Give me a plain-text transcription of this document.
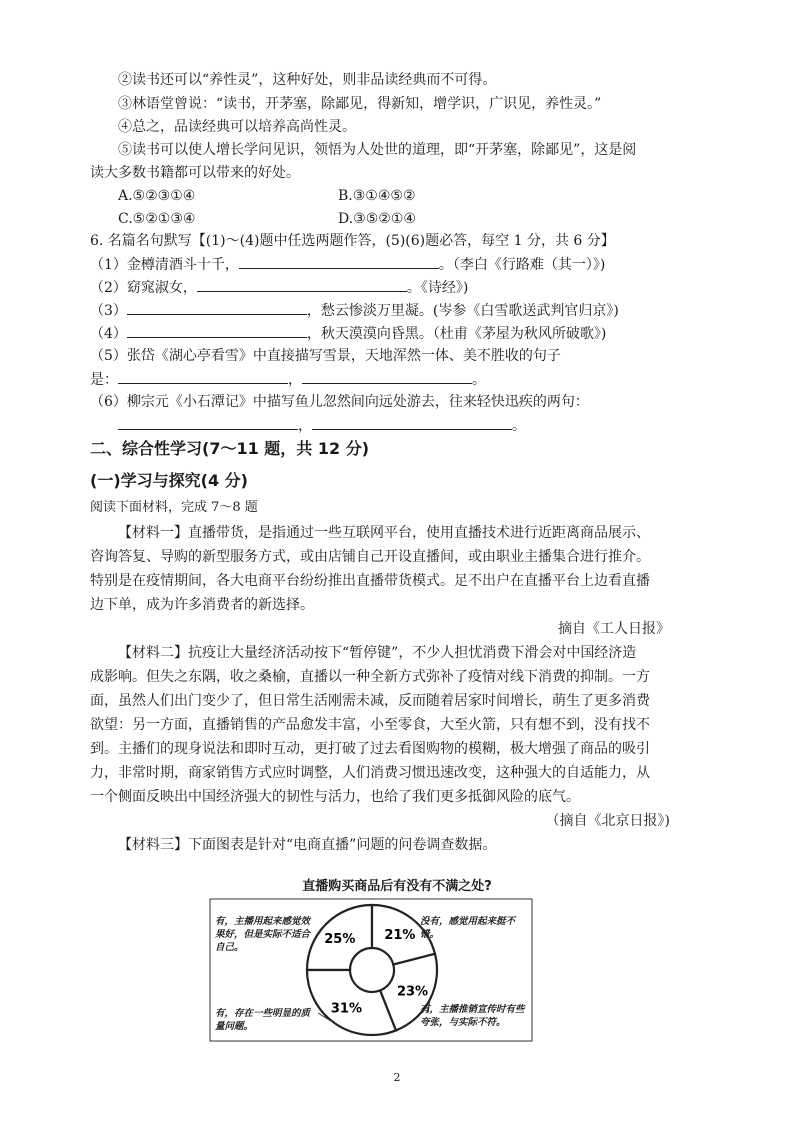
②读书还可以“养性灵”，这种好处，则非品读经典而不可得。
③林语堂曾说：“读书，开茅塞，除鄙见，得新知，增学识，广识见，养性灵。”
④总之，品读经典可以培养高尚性灵。
⑤读书可以使人增长学问见识，领悟为人处世的道理，即“开茅塞，除鄙见”，这是阅
读大多数书籍都可以带来的好处。
A.⑤②③①④	B.③①④⑤②
C.⑤②①③④	D.③⑤②①④
6. 名篇名句默写【(1)～(4)题中任选两题作答，(5)(6)题必答，每空 1 分，共 6 分】
（1）金樽清酒斗十千，	。（李白《行路难（其一）》)
（2）窈窕淑女，	。《诗经》)
（3）	，愁云惨淡万里凝。(岑参《白雪歌送武判官归京》)
（4）	，秋天漠漠向昏黑。（杜甫《茅屋为秋风所破歌》)
（5）张岱《湖心亭看雪》中直接描写雪景，天地浑然一体、美不胜收的句子
是：	，	。
（6）柳宗元《小石潭记》中描写鱼儿忽然间向远处游去，往来轻快迅疾的两句：
，	。
二、综合性学习(7～11 题，共 12 分)
(一)学习与探究(4 分)
阅读下面材料，完成 7～8 题
【材料一】直播带货，是指通过一些互联网平台，使用直播技术进行近距离商品展示、
咨询答复、导购的新型服务方式，或由店铺自己开设直播间，或由职业主播集合进行推介。
特别是在疫情期间，各大电商平台纷纷推出直播带货模式。足不出户在直播平台上边看直播
边下单，成为许多消费者的新选择。
摘自《工人日报》
【材料二】抗疫让大量经济活动按下“暂停键”，不少人担忧消费下滑会对中国经济造
成影响。但失之东隅，收之桑榆，直播以一种全新方式弥补了疫情对线下消费的抑制。一方
面，虽然人们出门变少了，但日常生活刚需未减，反而随着居家时间增长，萌生了更多消费
欲望：另一方面，直播销售的产品愈发丰富，小至零食，大至火箭，只有想不到，没有找不
到。主播们的现身说法和即时互动，更打破了过去看图购物的模糊，极大增强了商品的吸引
力，非常时期，商家销售方式应时调整，人们消费习惯迅速改变，这种强大的自适能力，从
一个侧面反映出中国经济强大的韧性与活力，也给了我们更多抵御风险的底气。
（摘自《北京日报》)
【材料三】下面图表是针对“电商直播”问题的问卷调查数据。
直播购买商品后有没有不满之处?
25% 21%
23%
31%
有，主播用起来感觉效果好，但是实际不适合自己。
没有，感觉用起来挺不错。
有，主播推销宣传时有些夸张，与实际不符。
有，存在一些明显的质量问题。
2
